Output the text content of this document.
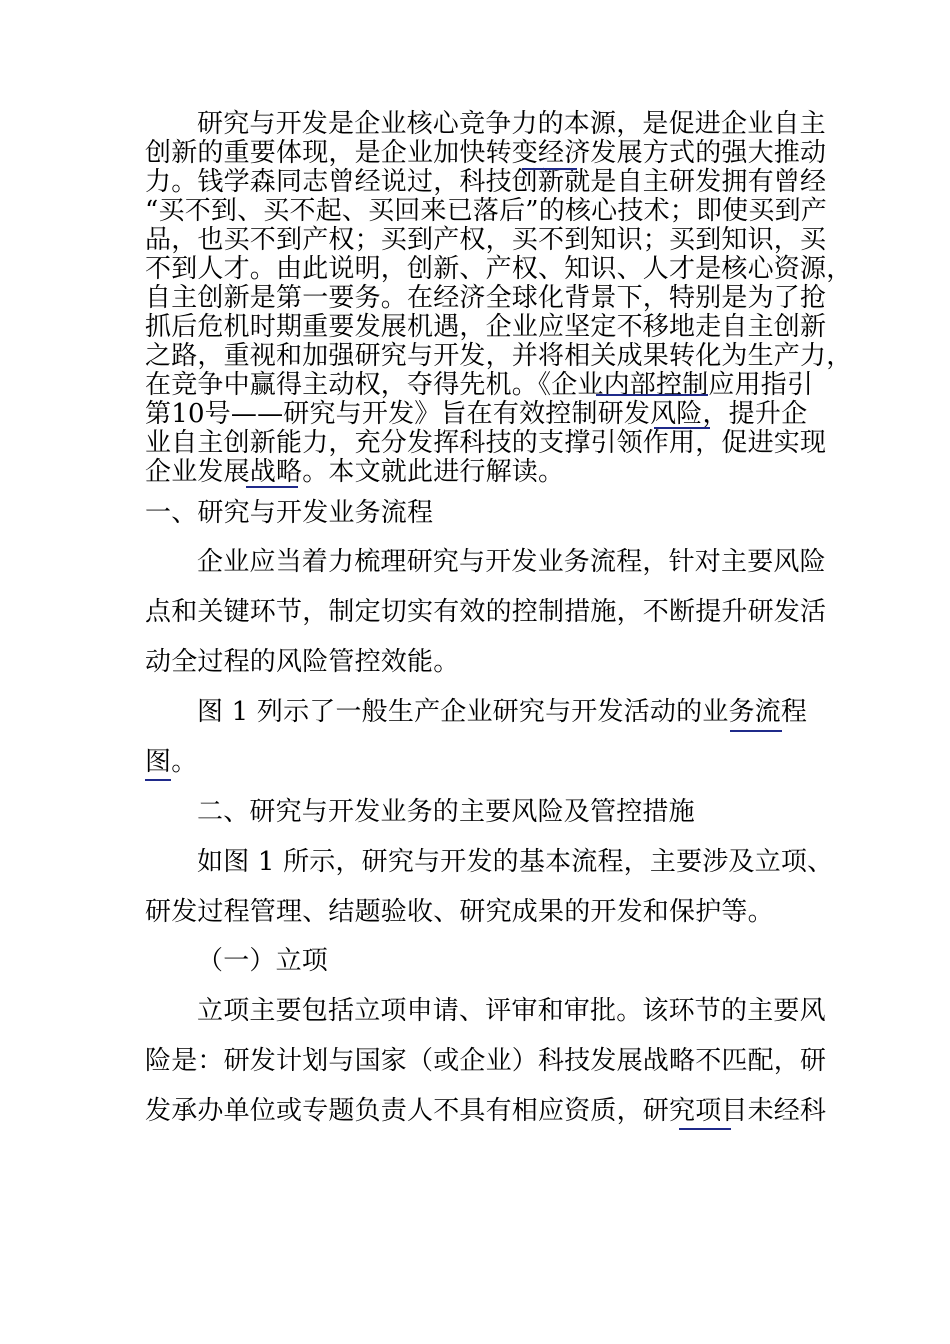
研究与开发是企业核心竞争力的本源，是促进企业自主

创新的重要体现，是企业加快转变经济发展方式的强大推动

力。钱学森同志曾经说过，科技创新就是自主研发拥有曾经

“买不到、买不起、买回来已落后”的核心技术；即使买到产

品，也买不到产权；买到产权，买不到知识；买到知识，买

不到人才。由此说明，创新、产权、知识、人才是核心资源，

自主创新是第一要务。在经济全球化背景下，特别是为了抢

抓后危机时期重要发展机遇，企业应坚定不移地走自主创新

之路，重视和加强研究与开发，并将相关成果转化为生产力，

在竞争中赢得主动权，夺得先机。《企业内部控制应用指引

第10号——研究与开发》旨在有效控制研发风险，提升企

业自主创新能力，充分发挥科技的支撑引领作用，促进实现

企业发展战略。本文就此进行解读。

一、研究与开发业务流程

企业应当着力梳理研究与开发业务流程，针对主要风险

点和关键环节，制定切实有效的控制措施，不断提升研发活

动全过程的风险管控效能。

图 1 列示了一般生产企业研究与开发活动的业务流程

图。

二、研究与开发业务的主要风险及管控措施

如图 1 所示，研究与开发的基本流程，主要涉及立项、

研发过程管理、结题验收、研究成果的开发和保护等。

（一）立项

立项主要包括立项申请、评审和审批。该环节的主要风

险是：研发计划与国家（或企业）科技发展战略不匹配，研

发承办单位或专题负责人不具有相应资质，研究项目未经科
